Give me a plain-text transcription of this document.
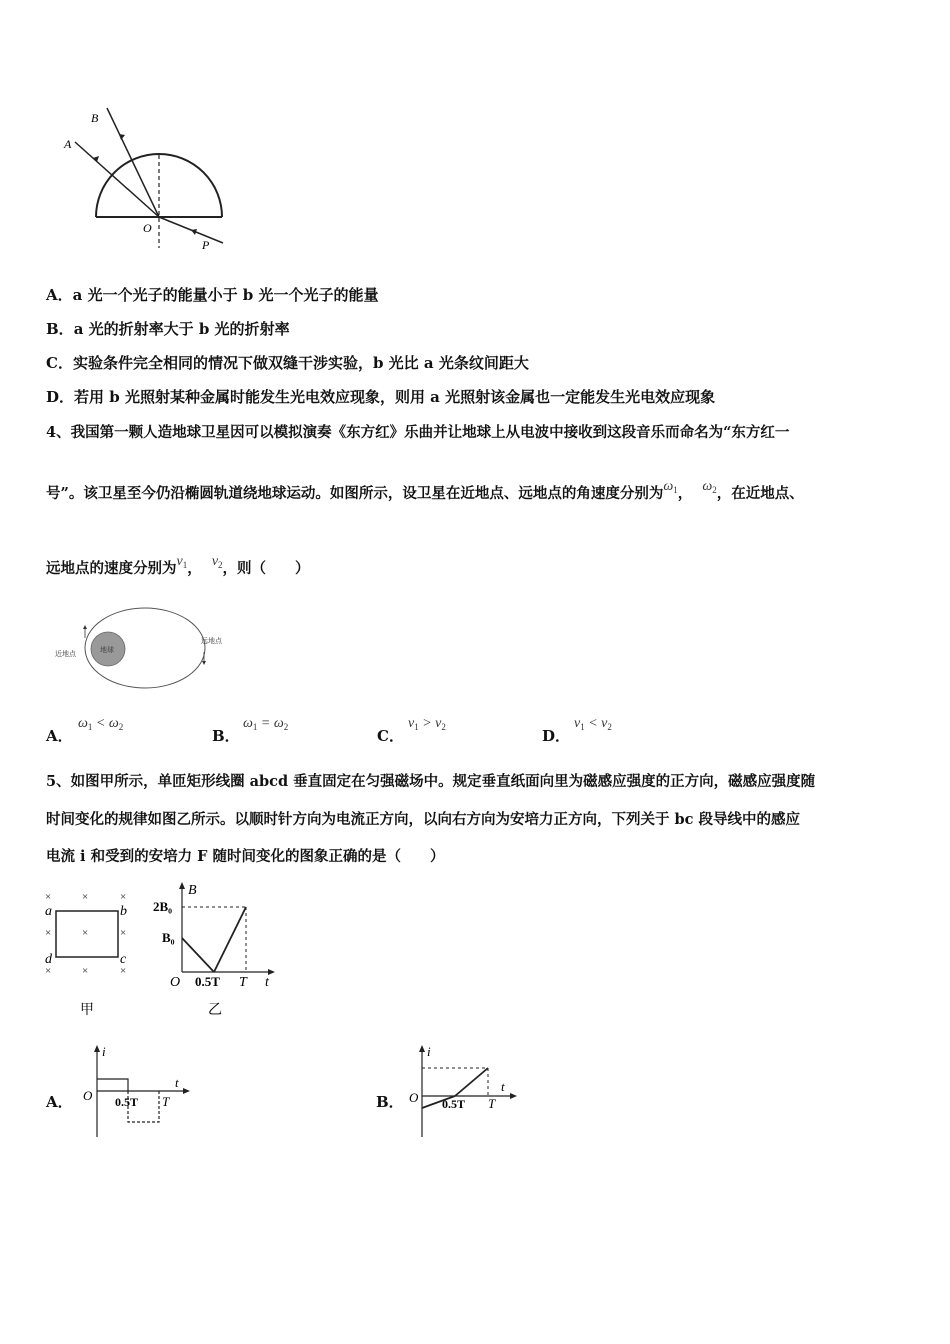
A
B
O
P
A．a 光一个光子的能量小于 b 光一个光子的能量
B．a 光的折射率大于 b 光的折射率
C．实验条件完全相同的情况下做双缝干涉实验，b 光比 a 光条纹间距大
D．若用 b 光照射某种金属时能发生光电效应现象，则用 a 光照射该金属也一定能发生光电效应现象
4、我国第一颗人造地球卫星因可以模拟演奏《东方红》乐曲并让地球上从电波中接收到这段音乐而命名为“东方红一
号”。该卫星至今仍沿椭圆轨道绕地球运动。如图所示，设卫星在近地点、远地点的角速度分别为$\omega_1$， $\omega_2$，在近地点、
远地点的速度分别为$v_1$， $v_2$，则（　　）
地球
近地点
远地点
A．
$\omega_1 < \omega_2$	B．
$\omega_1 = \omega_2$	C．
$v_1 > v_2$	D．
$v_1 < v_2$
5、如图甲所示，单匝矩形线圈 abcd 垂直固定在匀强磁场中。规定垂直纸面向里为磁感应强度的正方向，磁感应强度随
时间变化的规律如图乙所示。以顺时针方向为电流正方向，以向右方向为安培力正方向，下列关于 bc 段导线中的感应
电流 i 和受到的安培力 F 随时间变化的图象正确的是（　　）
×	×	×
×	×	×
×	×	×
a	b
d	c
甲
B
2B₀
B₀
O 0.5T T t
乙
A．
i
t
O 0.5T T	B．
i
t
O 0.5T T
